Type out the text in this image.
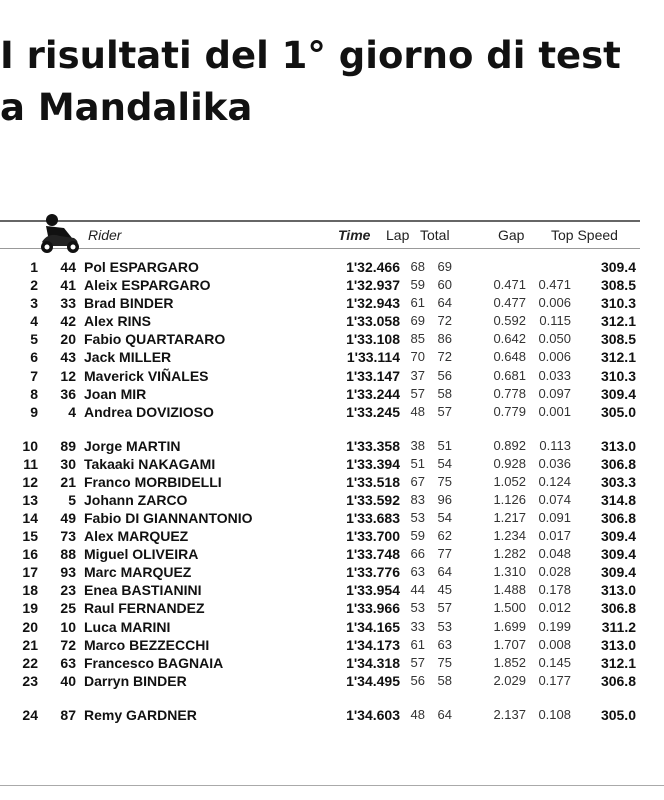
I risultati del 1° giorno di test
a Mandalika
Rider	Time Lap Total	Gap Top Speed
1	44 Pol ESPARGARO	1'32.466 68 69	309.4
2	41 Aleix ESPARGARO	1'32.937 59 60	0.471 0.471	308.5
3	33 Brad BINDER	1'32.943 61 64	0.477 0.006	310.3
4	42 Alex RINS	1'33.058 69 72	0.592	0.115	312.1
5	20 Fabio QUARTARARO	1'33.108 85 86	0.642 0.050	308.5
6	43 Jack MILLER	1'33.114 70 72	0.648 0.006	312.1
7	12 Maverick VIÑALES	1'33.147 37 56	0.681 0.033	310.3
8	36 Joan MIR	1'33.244 57 58	0.778 0.097	309.4
9	4 Andrea DOVIZIOSO	1'33.245 48 57	0.779 0.001	305.0
10	89 Jorge MARTIN	1'33.358 38 51	0.892	0.113	313.0
11	30 Takaaki NAKAGAMI	1'33.394 51 54	0.928 0.036	306.8
12	21 Franco MORBIDELLI	1'33.518 67 75	1.052 0.124	303.3
13	5 Johann ZARCO	1'33.592 83 96	1.126 0.074	314.8
14	49 Fabio DI GIANNANTONIO	1'33.683 53 54	1.217 0.091	306.8
15	73 Alex MARQUEZ	1'33.700 59 62	1.234 0.017	309.4
16	88 Miguel OLIVEIRA	1'33.748 66 77	1.282 0.048	309.4
17	93 Marc MARQUEZ	1'33.776 63 64	1.310 0.028	309.4
18	23 Enea BASTIANINI	1'33.954 44 45	1.488 0.178	313.0
19	25 Raul FERNANDEZ	1'33.966 53 57	1.500 0.012	306.8
20	10 Luca MARINI	1'34.165 33 53	1.699 0.199	311.2
21	72 Marco BEZZECCHI	1'34.173 61 63	1.707 0.008	313.0
22	63 Francesco BAGNAIA	1'34.318 57 75	1.852 0.145	312.1
23	40 Darryn BINDER	1'34.495 56 58	2.029 0.177	306.8
24	87 Remy GARDNER	1'34.603 48 64	2.137 0.108	305.0
